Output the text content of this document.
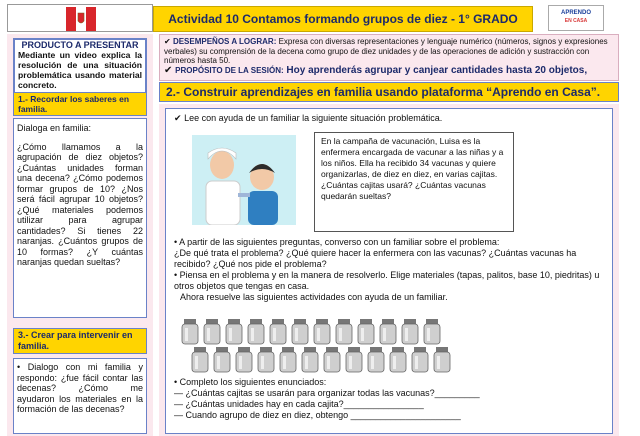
Actividad 10 Contamos formando grupos de diez - 1° GRADO	APRENDO
EN CASA
PRODUCTO A PRESENTAR
Mediante un video explica la resolución de una situación problemática usando material concreto.
1.- Recordar los saberes en familia.
Dialoga en familia:
¿Cómo llamamos a la agrupación de diez objetos? ¿Cuántas unidades forman una decena? ¿Cómo podemos formar grupos de 10? ¿Nos será fácil agrupar 10 objetos? ¿Qué materiales podemos utilizar para agrupar cantidades? Si tienes 22 naranjas. ¿Cuántos grupos de 10 formas? ¿Y cuántas naranjas quedan sueltas?
3.- Crear para intervenir en familia.
• Dialogo con mi familia y respondo: ¿fue fácil contar las decenas? ¿Cómo me ayudaron los materiales en la formación de las decenas?
✔ DESEMPEÑOS A LOGRAR: Expresa con diversas representaciones y lenguaje numérico (números, signos y expresiones verbales) su comprensión de la decena como grupo de diez unidades y de las operaciones de adición y sustracción con números hasta 50.
✔ PROPÓSITO DE LA SESIÓN: Hoy aprenderás agrupar y canjear cantidades hasta 20 objetos,
2.- Construir aprendizajes en familia usando plataforma “Aprendo en Casa”.
✔ Lee con ayuda de un familiar la siguiente situación problemática.
En la campaña de vacunación, Luisa es la enfermera encargada de vacunar a las niñas y a los niños. Ella ha recibido 34 vacunas y quiere organizarlas, de diez en diez, en varias cajitas. ¿Cuántas cajitas usará? ¿Cuántas vacunas quedarán sueltas?
• A partir de las siguientes preguntas, converso con un familiar sobre el problema:
¿De qué trata el problema? ¿Qué quiere hacer la enfermera con las vacunas? ¿Cuántas vacunas ha recibido? ¿Qué nos pide el problema?
• Piensa en el problema y en la manera de resolverlo. Elige materiales (tapas, palitos, base 10, piedritas) u otros objetos que tengas en casa.
Ahora resuelve las siguientes actividades con ayuda de un familiar.
• Completo los siguientes enunciados:
— ¿Cuántas cajitas se usarán para organizar todas las vacunas?_________
— ¿Cuántas unidades hay en cada cajita?________________
— Cuando agrupo de diez en diez, obtengo ______________________
